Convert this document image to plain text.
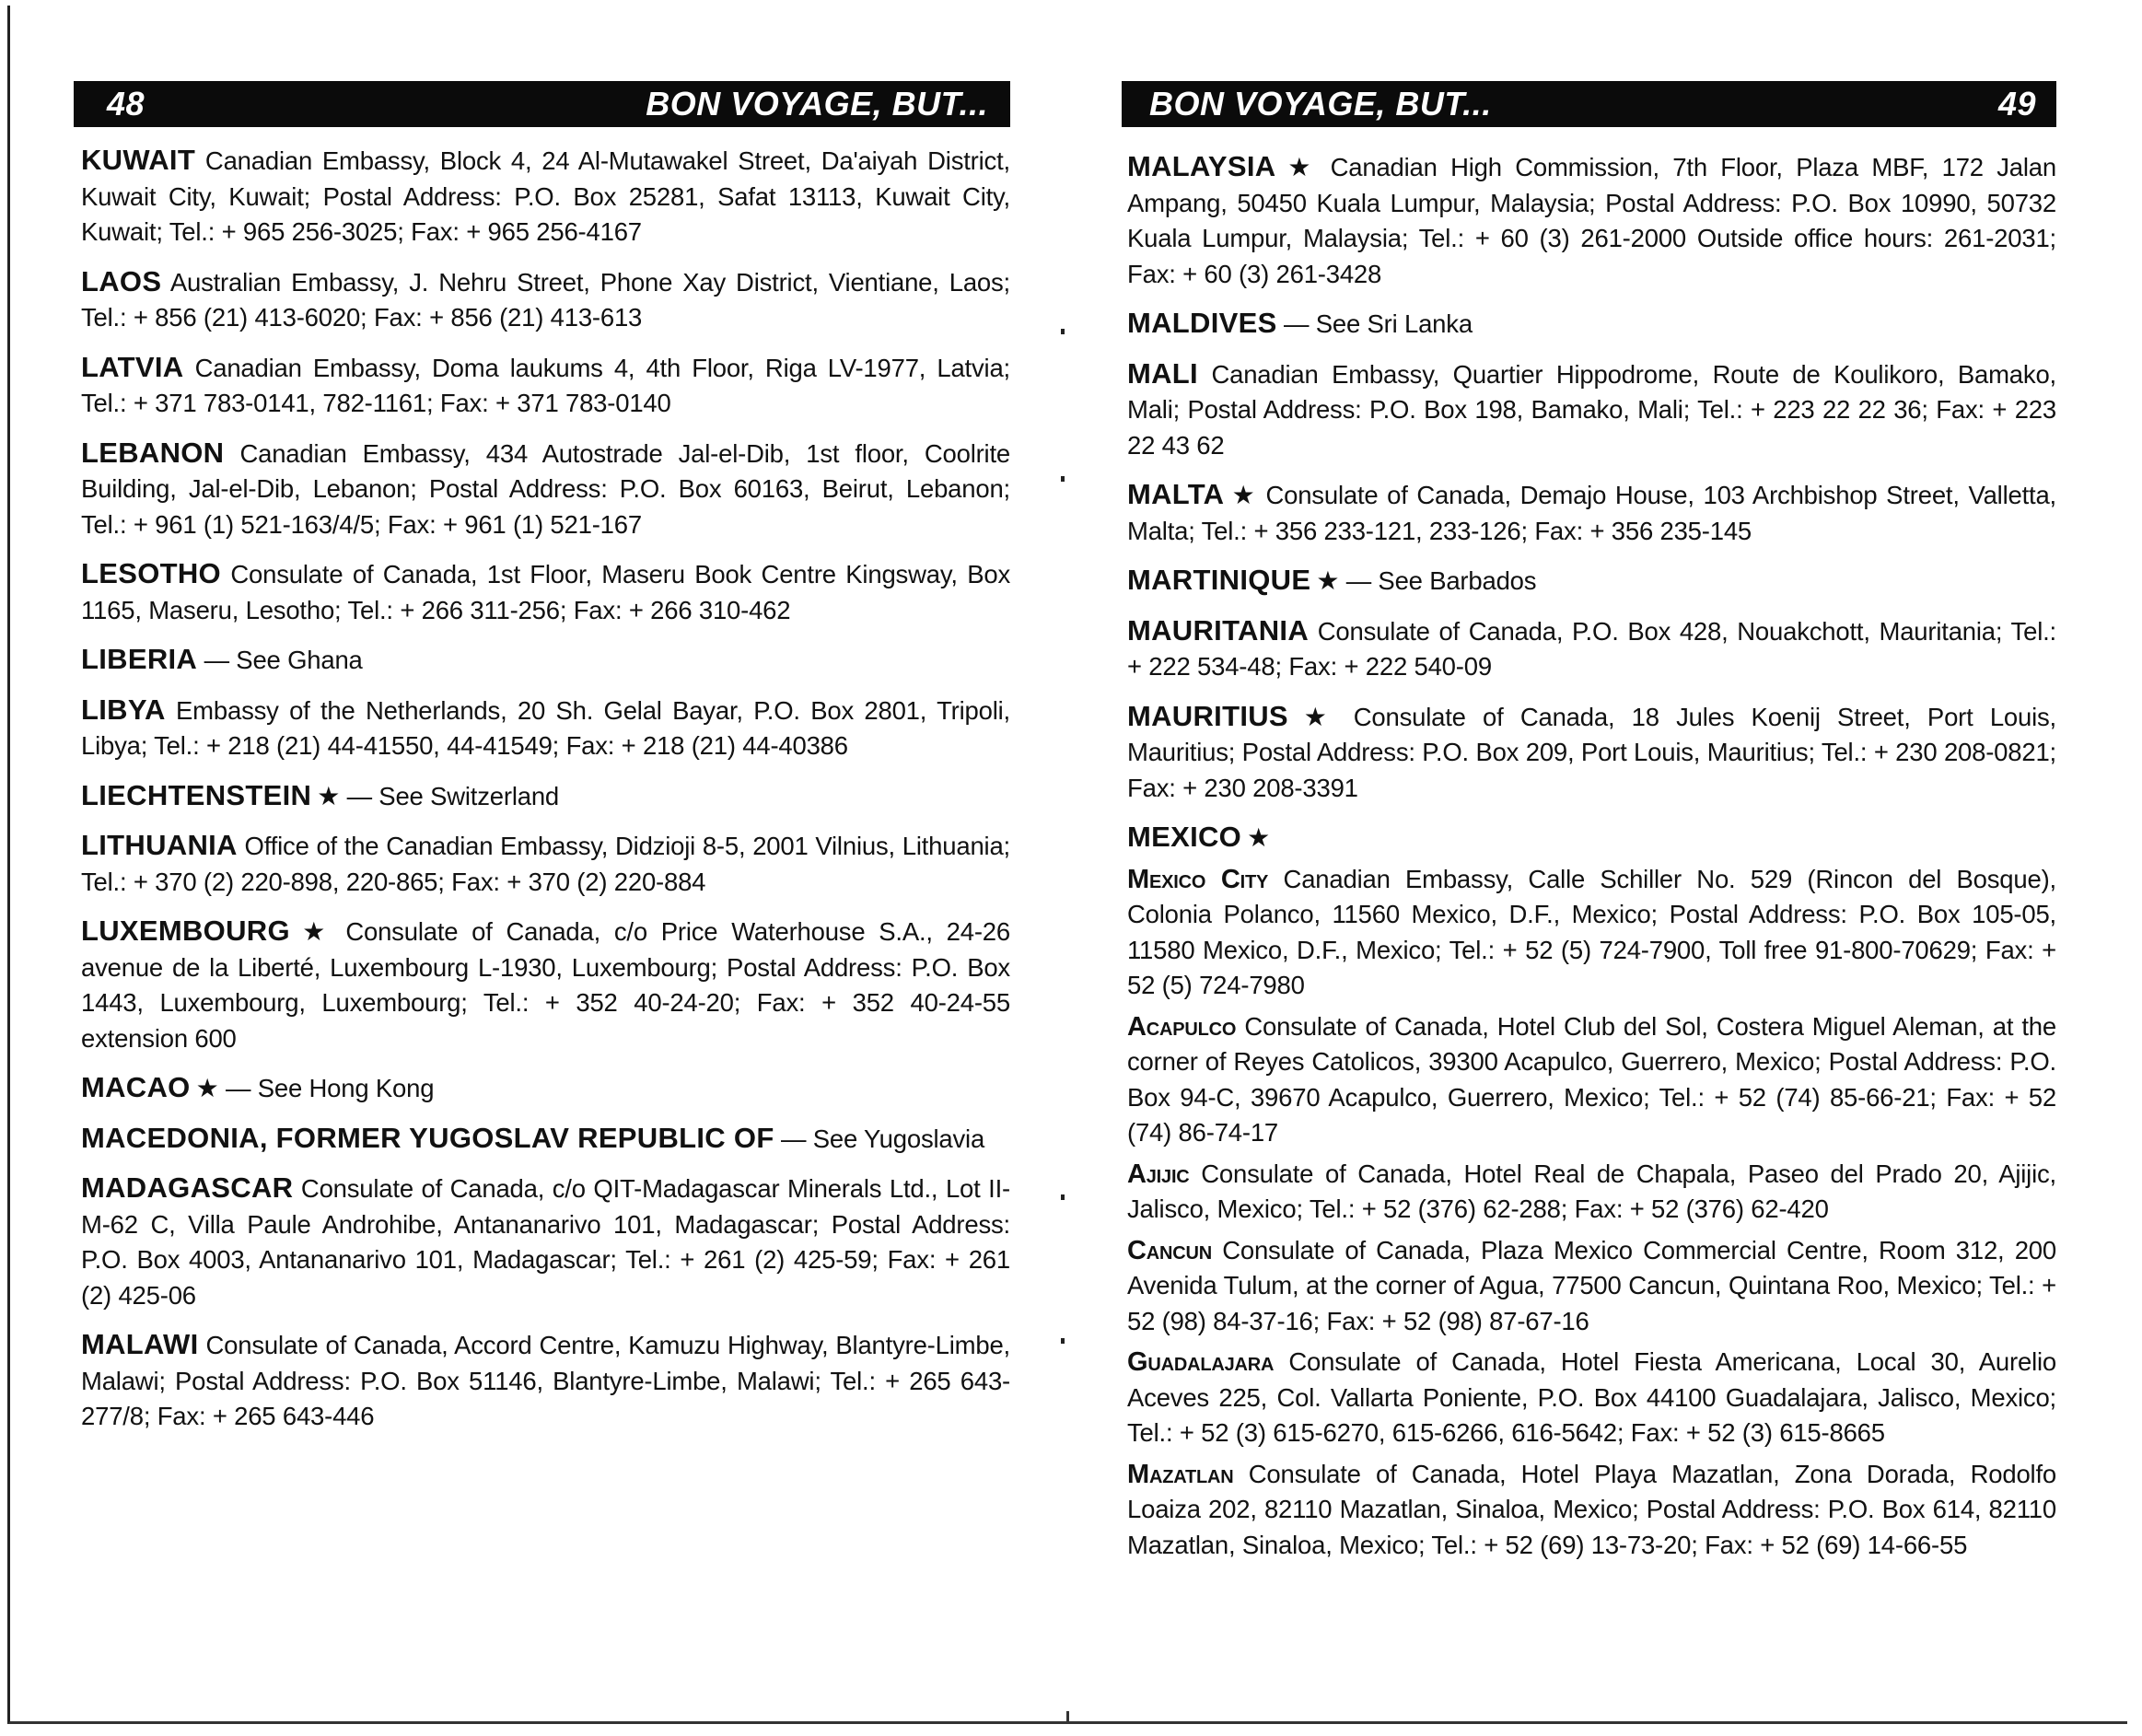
48	BON VOYAGE, BUT...

KUWAIT Canadian Embassy, Block 4, 24 Al-Mutawakel Street, Da'aiyah District, Kuwait City, Kuwait; Postal Address: P.O. Box 25281, Safat 13113, Kuwait City, Kuwait; Tel.: + 965 256-3025; Fax: + 965 256-4167

LAOS Australian Embassy, J. Nehru Street, Phone Xay District, Vientiane, Laos; Tel.: + 856 (21) 413-6020; Fax: + 856 (21) 413-613

LATVIA Canadian Embassy, Doma laukums 4, 4th Floor, Riga LV-1977, Latvia; Tel.: + 371 783-0141, 782-1161; Fax: + 371 783-0140

LEBANON Canadian Embassy, 434 Autostrade Jal-el-Dib, 1st floor, Coolrite Building, Jal-el-Dib, Lebanon; Postal Address: P.O. Box 60163, Beirut, Lebanon; Tel.: + 961 (1) 521-163/4/5; Fax: + 961 (1) 521-167

LESOTHO Consulate of Canada, 1st Floor, Maseru Book Centre Kingsway, Box 1165, Maseru, Lesotho; Tel.: + 266 311-256; Fax: + 266 310-462

LIBERIA — See Ghana

LIBYA Embassy of the Netherlands, 20 Sh. Gelal Bayar, P.O. Box 2801, Tripoli, Libya; Tel.: + 218 (21) 44-41550, 44-41549; Fax: + 218 (21) 44-40386

LIECHTENSTEIN ★ — See Switzerland

LITHUANIA Office of the Canadian Embassy, Didzioji 8-5, 2001 Vilnius, Lithuania; Tel.: + 370 (2) 220-898, 220-865; Fax: + 370 (2) 220-884

LUXEMBOURG ★ Consulate of Canada, c/o Price Waterhouse S.A., 24-26 avenue de la Liberté, Luxembourg L-1930, Luxembourg; Postal Address: P.O. Box 1443, Luxembourg, Luxembourg; Tel.: + 352 40-24-20; Fax: + 352 40-24-55 extension 600

MACAO ★ — See Hong Kong

MACEDONIA, FORMER YUGOSLAV REPUBLIC OF — See Yugoslavia

MADAGASCAR Consulate of Canada, c/o QIT-Madagascar Minerals Ltd., Lot II-M-62 C, Villa Paule Androhibe, Antananarivo 101, Madagascar; Postal Address: P.O. Box 4003, Antananarivo 101, Madagascar; Tel.: + 261 (2) 425-59; Fax: + 261 (2) 425-06

MALAWI Consulate of Canada, Accord Centre, Kamuzu Highway, Blantyre-Limbe, Malawi; Postal Address: P.O. Box 51146, Blantyre-Limbe, Malawi; Tel.: + 265 643-277/8; Fax: + 265 643-446

BON VOYAGE, BUT...	49

MALAYSIA ★ Canadian High Commission, 7th Floor, Plaza MBF, 172 Jalan Ampang, 50450 Kuala Lumpur, Malaysia; Postal Address: P.O. Box 10990, 50732 Kuala Lumpur, Malaysia; Tel.: + 60 (3) 261-2000 Outside office hours: 261-2031; Fax: + 60 (3) 261-3428

MALDIVES — See Sri Lanka

MALI Canadian Embassy, Quartier Hippodrome, Route de Koulikoro, Bamako, Mali; Postal Address: P.O. Box 198, Bamako, Mali; Tel.: + 223 22 22 36; Fax: + 223 22 43 62

MALTA ★ Consulate of Canada, Demajo House, 103 Archbishop Street, Valletta, Malta; Tel.: + 356 233-121, 233-126; Fax: + 356 235-145

MARTINIQUE ★ — See Barbados

MAURITANIA Consulate of Canada, P.O. Box 428, Nouakchott, Mauritania; Tel.: + 222 534-48; Fax: + 222 540-09

MAURITIUS ★ Consulate of Canada, 18 Jules Koenij Street, Port Louis, Mauritius; Postal Address: P.O. Box 209, Port Louis, Mauritius; Tel.: + 230 208-0821; Fax: + 230 208-3391

MEXICO ★

Mexico City Canadian Embassy, Calle Schiller No. 529 (Rincon del Bosque), Colonia Polanco, 11560 Mexico, D.F., Mexico; Postal Address: P.O. Box 105-05, 11580 Mexico, D.F., Mexico; Tel.: + 52 (5) 724-7900, Toll free 91-800-70629; Fax: + 52 (5) 724-7980

Acapulco Consulate of Canada, Hotel Club del Sol, Costera Miguel Aleman, at the corner of Reyes Catolicos, 39300 Acapulco, Guerrero, Mexico; Postal Address: P.O. Box 94-C, 39670 Acapulco, Guerrero, Mexico; Tel.: + 52 (74) 85-66-21; Fax: + 52 (74) 86-74-17

Ajijic Consulate of Canada, Hotel Real de Chapala, Paseo del Prado 20, Ajijic, Jalisco, Mexico; Tel.: + 52 (376) 62-288; Fax: + 52 (376) 62-420

Cancun Consulate of Canada, Plaza Mexico Commercial Centre, Room 312, 200 Avenida Tulum, at the corner of Agua, 77500 Cancun, Quintana Roo, Mexico; Tel.: + 52 (98) 84-37-16; Fax: + 52 (98) 87-67-16

Guadalajara Consulate of Canada, Hotel Fiesta Americana, Local 30, Aurelio Aceves 225, Col. Vallarta Poniente, P.O. Box 44100 Guadalajara, Jalisco, Mexico; Tel.: + 52 (3) 615-6270, 615-6266, 616-5642; Fax: + 52 (3) 615-8665

Mazatlan Consulate of Canada, Hotel Playa Mazatlan, Zona Dorada, Rodolfo Loaiza 202, 82110 Mazatlan, Sinaloa, Mexico; Postal Address: P.O. Box 614, 82110 Mazatlan, Sinaloa, Mexico; Tel.: + 52 (69) 13-73-20; Fax: + 52 (69) 14-66-55
